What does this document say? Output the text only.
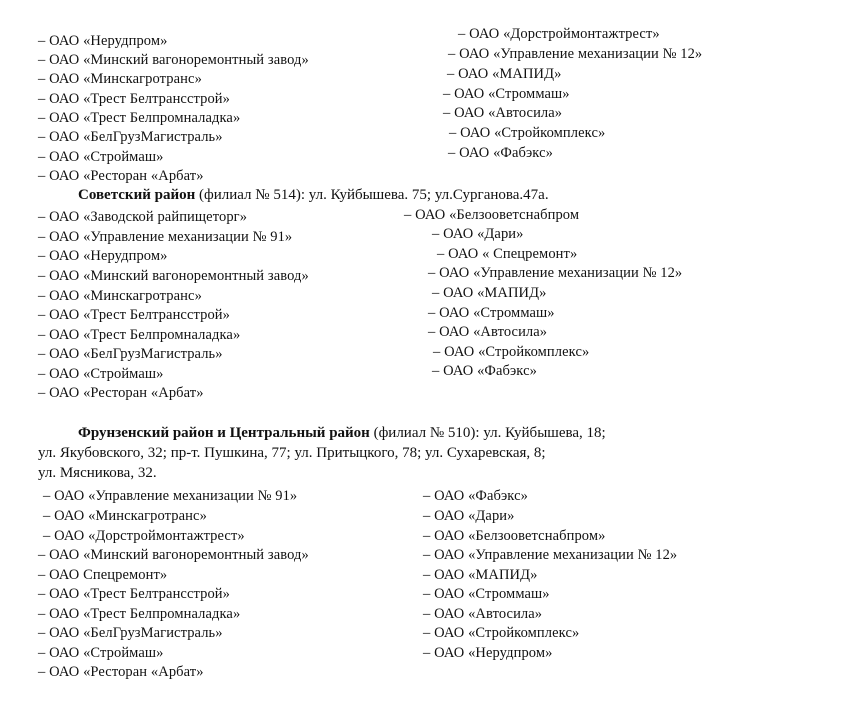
– ОАО «Нерудпром»
– ОАО «Минский вагоноремонтный завод»
– ОАО «Минскагротранс»
– ОАО «Трест Белтрансстрой»
– ОАО «Трест Белпромналадка»
– ОАО «БелГрузМагистраль»
– ОАО «Строймаш»
– ОАО «Ресторан «Арбат»
– ОАО «Дорстроймонтажтрест»
– ОАО «Управление механизации № 12»
– ОАО «МАПИД»
– ОАО «Строммаш»
– ОАО «Автосила»
– ОАО «Стройкомплекс»
– ОАО «Фабэкс»
Советский район (филиал № 514): ул. Куйбышева. 75; ул.Сурганова.47а.
– ОАО «Заводской райпищеторг»
– ОАО «Управление механизации № 91»
– ОАО «Нерудпром»
– ОАО «Минский вагоноремонтный завод»
– ОАО «Минскагротранс»
– ОАО «Трест Белтрансстрой»
– ОАО «Трест Белпромналадка»
– ОАО «БелГрузМагистраль»
– ОАО «Строймаш»
– ОАО «Ресторан «Арбат»
– ОАО «Белзооветснабпром
– ОАО «Дари»
– ОАО « Спецремонт»
– ОАО «Управление механизации № 12»
– ОАО «МАПИД»
– ОАО «Строммаш»
– ОАО «Автосила»
– ОАО «Стройкомплекс»
– ОАО «Фабэкс»
Фрунзенский район и Центральный район (филиал № 510): ул. Куйбышева, 18;
ул. Якубовского, 32; пр-т. Пушкина, 77; ул. Притыцкого, 78; ул. Сухаревская, 8;
ул. Мясникова, 32.
– ОАО «Управление механизации № 91»
– ОАО «Минскагротранс»
– ОАО «Дорстроймонтажтрест»
– ОАО «Минский вагоноремонтный завод»
– ОАО Спецремонт»
– ОАО «Трест Белтрансстрой»
– ОАО «Трест Белпромналадка»
– ОАО «БелГрузМагистраль»
– ОАО «Строймаш»
– ОАО «Ресторан «Арбат»
– ОАО «Фабэкс»
– ОАО «Дари»
– ОАО «Белзооветснабпром»
– ОАО «Управление механизации № 12»
– ОАО «МАПИД»
– ОАО «Строммаш»
– ОАО «Автосила»
– ОАО «Стройкомплекс»
– ОАО «Нерудпром»
